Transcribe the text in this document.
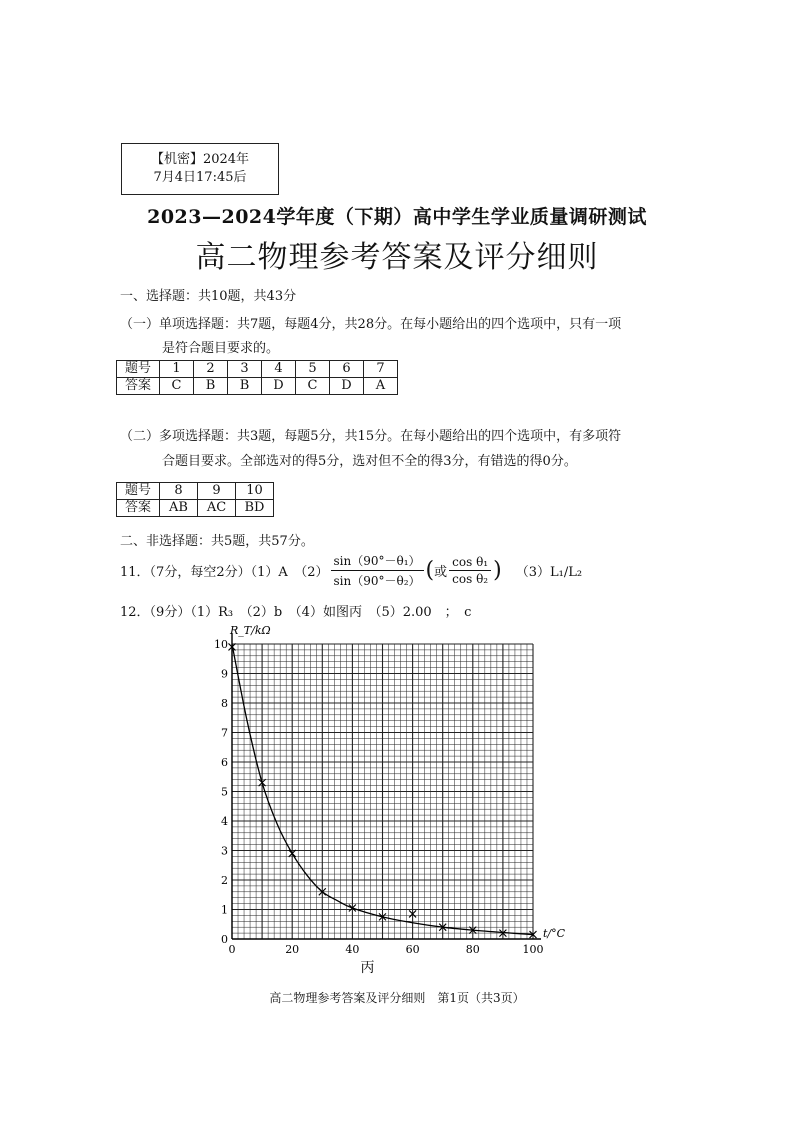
【机密】2024年
7月4日17:45后
2023—2024学年度（下期）高中学生学业质量调研测试
高二物理参考答案及评分细则
一、选择题：共10题，共43分
（一）单项选择题：共7题，每题4分，共28分。在每小题给出的四个选项中，只有一项
是符合题目要求的。
题号	1	2	3	4	5	6	7
答案	C	B	B	D	C	D	A
（二）多项选择题：共3题，每题5分，共15分。在每小题给出的四个选项中，有多项符
合题目要求。全部选对的得5分，选对但不全的得3分，有错选的得0分。
题号	8	9	10
答案	AB	AC	BD
二、非选择题：共5题，共57分。
11．（7分，每空2分）（1）A　$(2) \frac{\text{sin（90°－θ₁）}}{\text{sin（90°－θ₂）}}$ ( 或 $\frac{\text{cos θ₁}}{\text{cos θ₂}}$ ) （3）L₁/L₂
12．（9分）（1）R₃　（2）b　（4）如图丙　（5）2.00　；　c
0	20	40	60	80	100
0
1
2
3
4
5
6
7
8
9
10
R_T/kΩ
t/°C
丙
高二物理参考答案及评分细则　第1页（共3页）
